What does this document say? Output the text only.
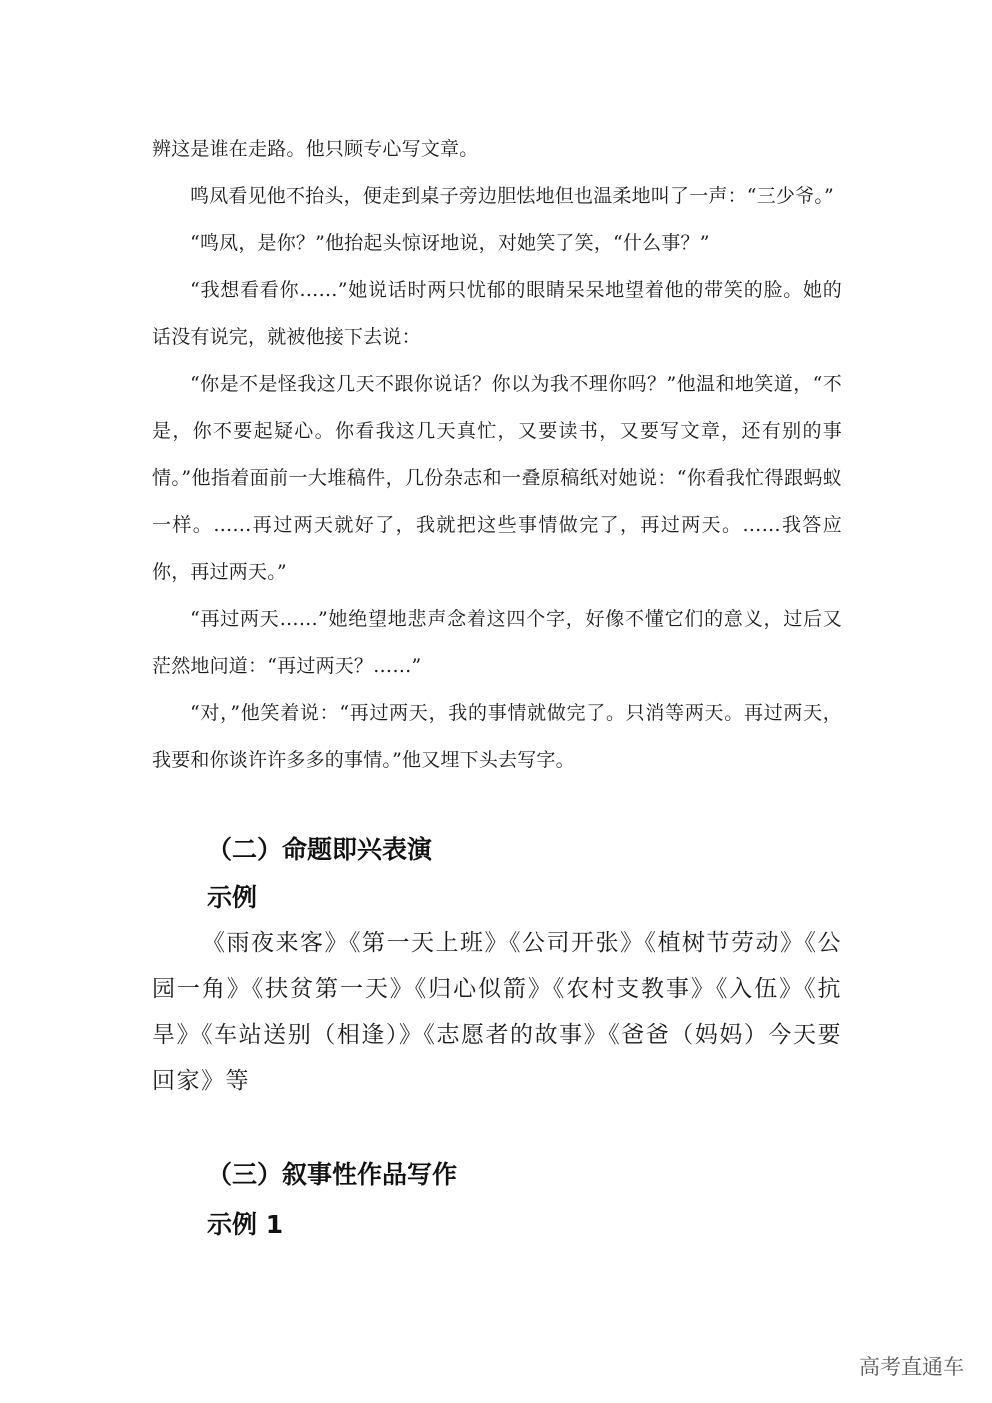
辨这是谁在走路。他只顾专心写文章。
鸣凤看见他不抬头，便走到桌子旁边胆怯地但也温柔地叫了一声：“三少爷。”
“鸣凤，是你？”他抬起头惊讶地说，对她笑了笑，“什么事？”
“我想看看你……”她说话时两只忧郁的眼睛呆呆地望着他的带笑的脸。她的话没有说完，就被他接下去说：
“你是不是怪我这几天不跟你说话？你以为我不理你吗？”他温和地笑道，“不是，你不要起疑心。你看我这几天真忙，又要读书，又要写文章，还有别的事情。”他指着面前一大堆稿件，几份杂志和一叠原稿纸对她说：“你看我忙得跟蚂蚁一样。……再过两天就好了，我就把这些事情做完了，再过两天。……我答应你，再过两天。”
“再过两天……”她绝望地悲声念着这四个字，好像不懂它们的意义，过后又茫然地问道：“再过两天？……”
“对，”他笑着说：“再过两天，我的事情就做完了。只消等两天。再过两天，我要和你谈许许多多的事情。”他又埋下头去写字。
（二）命题即兴表演
示例
《雨夜来客》《第一天上班》《公司开张》《植树节劳动》《公园一角》《扶贫第一天》《归心似箭》《农村支教事》《入伍》《抗旱》《车站送别（相逢）》《志愿者的故事》《爸爸（妈妈）今天要回家》等
（三）叙事性作品写作
示例 1
高考直通车
